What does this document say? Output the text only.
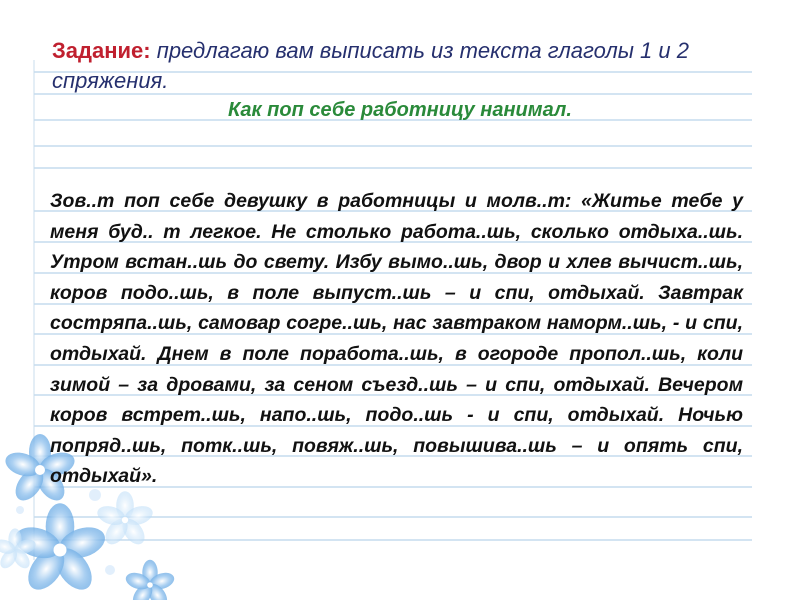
Задание: предлагаю вам выписать из текста глаголы 1 и 2 спряжения.
Как поп себе работницу нанимал.
Зов..т поп себе девушку в работницы и молв..т: «Житье тебе у меня буд.. т легкое. Не столько работа..шь, сколько отдыха..шь. Утром встан..шь до свету. Избу вымо..шь, двор и хлев вычист..шь, коров подо..шь, в поле выпуст..шь – и спи, отдыхай. Завтрак состряпа..шь, самовар согре..шь, нас завтраком наморм..шь, - и спи, отдыхай. Днем в поле поработа..шь, в огороде пропол..шь, коли зимой – за дровами, за сеном съезд..шь – и спи, отдыхай. Вечером коров встрет..шь, напо..шь, подо..шь - и спи, отдыхай. Ночью попряд..шь, потк..шь, повяж..шь, повышива..шь – и опять спи, отдыхай».
